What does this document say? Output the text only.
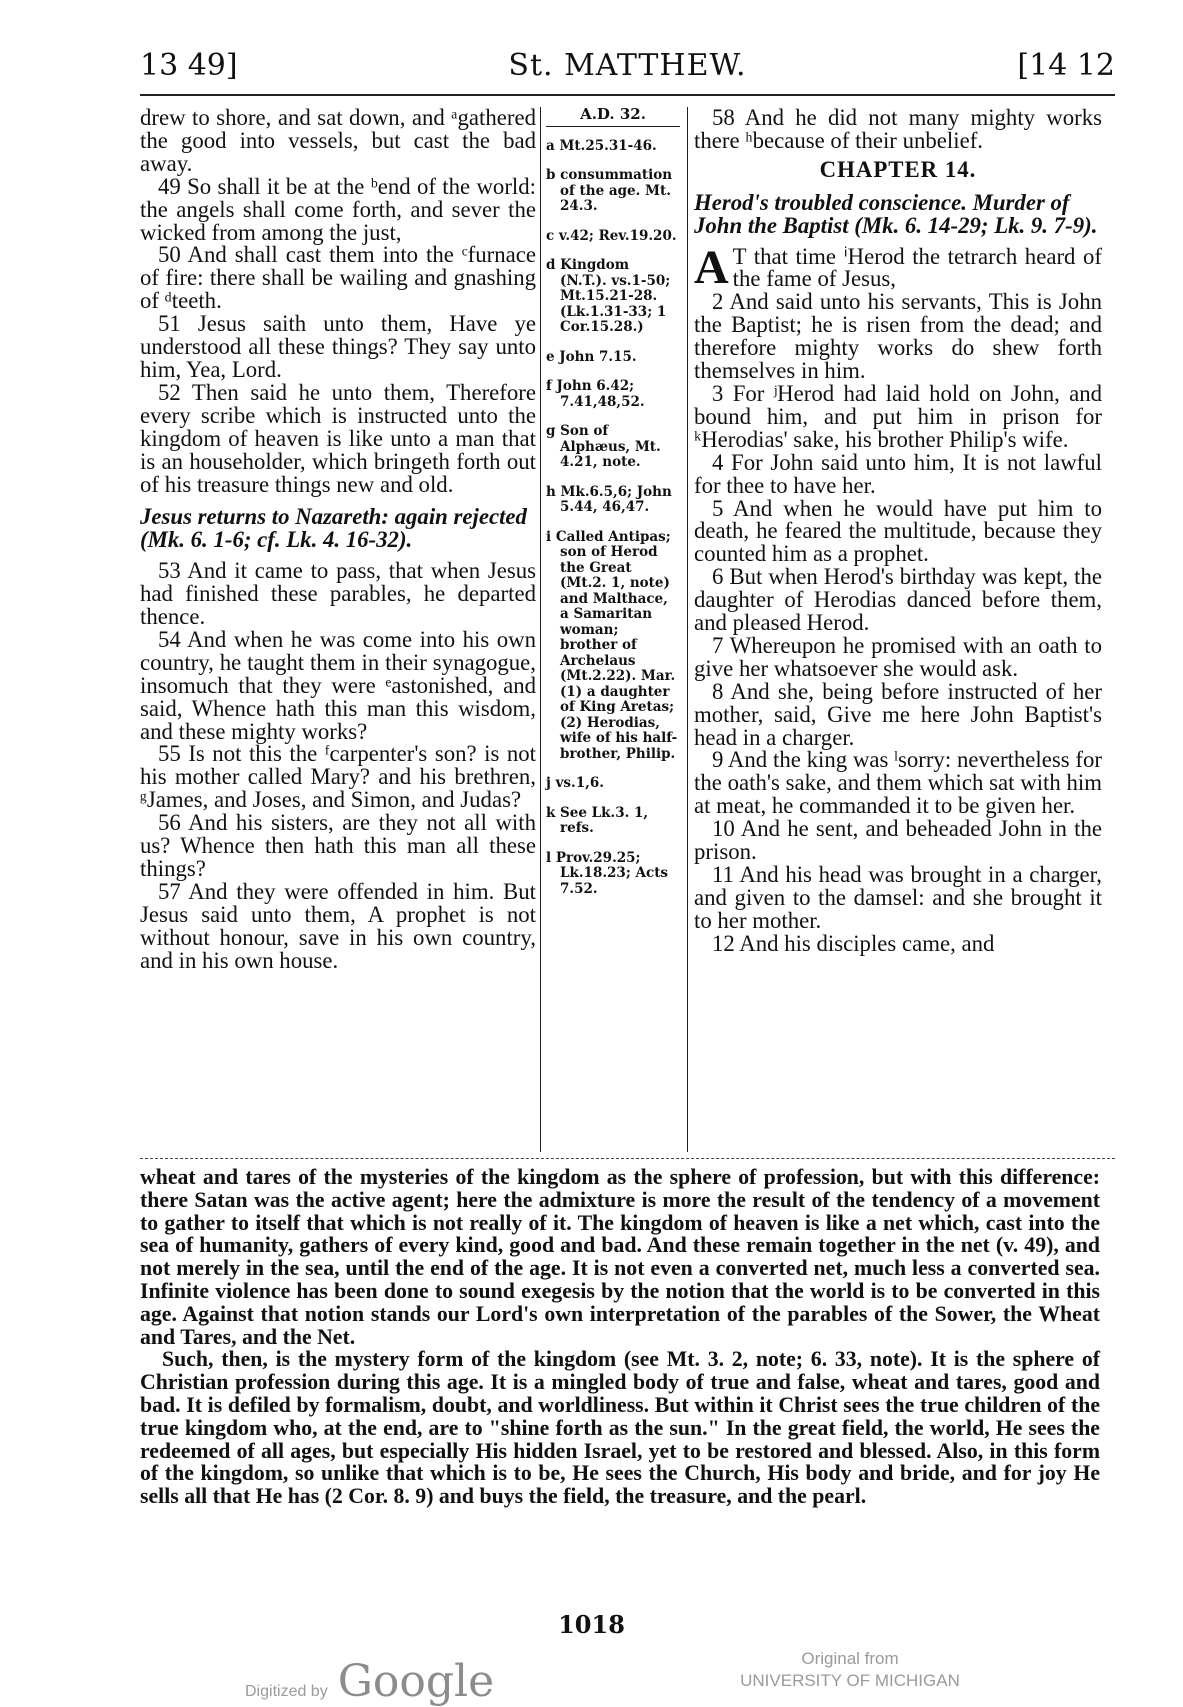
13 49]	St. MATTHEW.	[14 12

drew to shore, and sat down, and ᵃgathered the good into vessels, but cast the bad away.

49 So shall it be at the ᵇend of the world: the angels shall come forth, and sever the wicked from among the just,

50 And shall cast them into the ᶜfurnace of fire: there shall be wailing and gnashing of ᵈteeth.

51 Jesus saith unto them, Have ye understood all these things? They say unto him, Yea, Lord.

52 Then said he unto them, Therefore every scribe which is instructed unto the kingdom of heaven is like unto a man that is an householder, which bringeth forth out of his treasure things new and old.

Jesus returns to Nazareth: again rejected (Mk. 6. 1-6; cf. Lk. 4. 16-32).

53 And it came to pass, that when Jesus had finished these parables, he departed thence.

54 And when he was come into his own country, he taught them in their synagogue, insomuch that they were ᵉastonished, and said, Whence hath this man this wisdom, and these mighty works?

55 Is not this the ᶠcarpenter's son? is not his mother called Mary? and his brethren, ᵍJames, and Joses, and Simon, and Judas?

56 And his sisters, are they not all with us? Whence then hath this man all these things?

57 And they were offended in him. But Jesus said unto them, A prophet is not without honour, save in his own country, and in his own house.

A.D. 32.
a Mt.25.31-46.
b consummation of the age. Mt. 24.3.
c v.42; Rev.19.20.
d Kingdom (N.T.). vs.1-50; Mt.15.21-28. (Lk.1.31-33; 1 Cor.15.28.)
e John 7.15.
f John 6.42; 7.41,48,52.
g Son of Alphæus, Mt. 4.21, note.
h Mk.6.5,6; John 5.44, 46,47.
i Called Antipas; son of Herod the Great (Mt.2. 1, note) and Malthace, a Samaritan woman; brother of Archelaus (Mt.2.22). Mar. (1) a daughter of King Aretas; (2) Herodias, wife of his half-brother, Philip.
j vs.1,6.
k See Lk.3. 1, refs.
l Prov.29.25; Lk.18.23; Acts 7.52.

58 And he did not many mighty works there ʰbecause of their unbelief.

CHAPTER 14.

Herod's troubled conscience. Murder of John the Baptist (Mk. 6. 14-29; Lk. 9. 7-9).

A T that time ⁱHerod the tetrarch heard of the fame of Jesus,

2 And said unto his servants, This is John the Baptist; he is risen from the dead; and therefore mighty works do shew forth themselves in him.

3 For ʲHerod had laid hold on John, and bound him, and put him in prison for ᵏHerodias' sake, his brother Philip's wife.

4 For John said unto him, It is not lawful for thee to have her.

5 And when he would have put him to death, he feared the multitude, because they counted him as a prophet.

6 But when Herod's birthday was kept, the daughter of Herodias danced before them, and pleased Herod.

7 Whereupon he promised with an oath to give her whatsoever she would ask.

8 And she, being before instructed of her mother, said, Give me here John Baptist's head in a charger.

9 And the king was ˡsorry: nevertheless for the oath's sake, and them which sat with him at meat, he commanded it to be given her.

10 And he sent, and beheaded John in the prison.

11 And his head was brought in a charger, and given to the damsel: and she brought it to her mother.

12 And his disciples came, and

wheat and tares of the mysteries of the kingdom as the sphere of profession, but with this difference: there Satan was the active agent; here the admixture is more the result of the tendency of a movement to gather to itself that which is not really of it. The kingdom of heaven is like a net which, cast into the sea of humanity, gathers of every kind, good and bad. And these remain together in the net (v. 49), and not merely in the sea, until the end of the age. It is not even a converted net, much less a converted sea. Infinite violence has been done to sound exegesis by the notion that the world is to be converted in this age. Against that notion stands our Lord's own interpretation of the parables of the Sower, the Wheat and Tares, and the Net.

Such, then, is the mystery form of the kingdom (see Mt. 3. 2, note; 6. 33, note). It is the sphere of Christian profession during this age. It is a mingled body of true and false, wheat and tares, good and bad. It is defiled by formalism, doubt, and worldliness. But within it Christ sees the true children of the true kingdom who, at the end, are to "shine forth as the sun." In the great field, the world, He sees the redeemed of all ages, but especially His hidden Israel, yet to be restored and blessed. Also, in this form of the kingdom, so unlike that which is to be, He sees the Church, His body and bride, and for joy He sells all that He has (2 Cor. 8. 9) and buys the field, the treasure, and the pearl.

1018
Digitized by Google	Original from
UNIVERSITY OF MICHIGAN
